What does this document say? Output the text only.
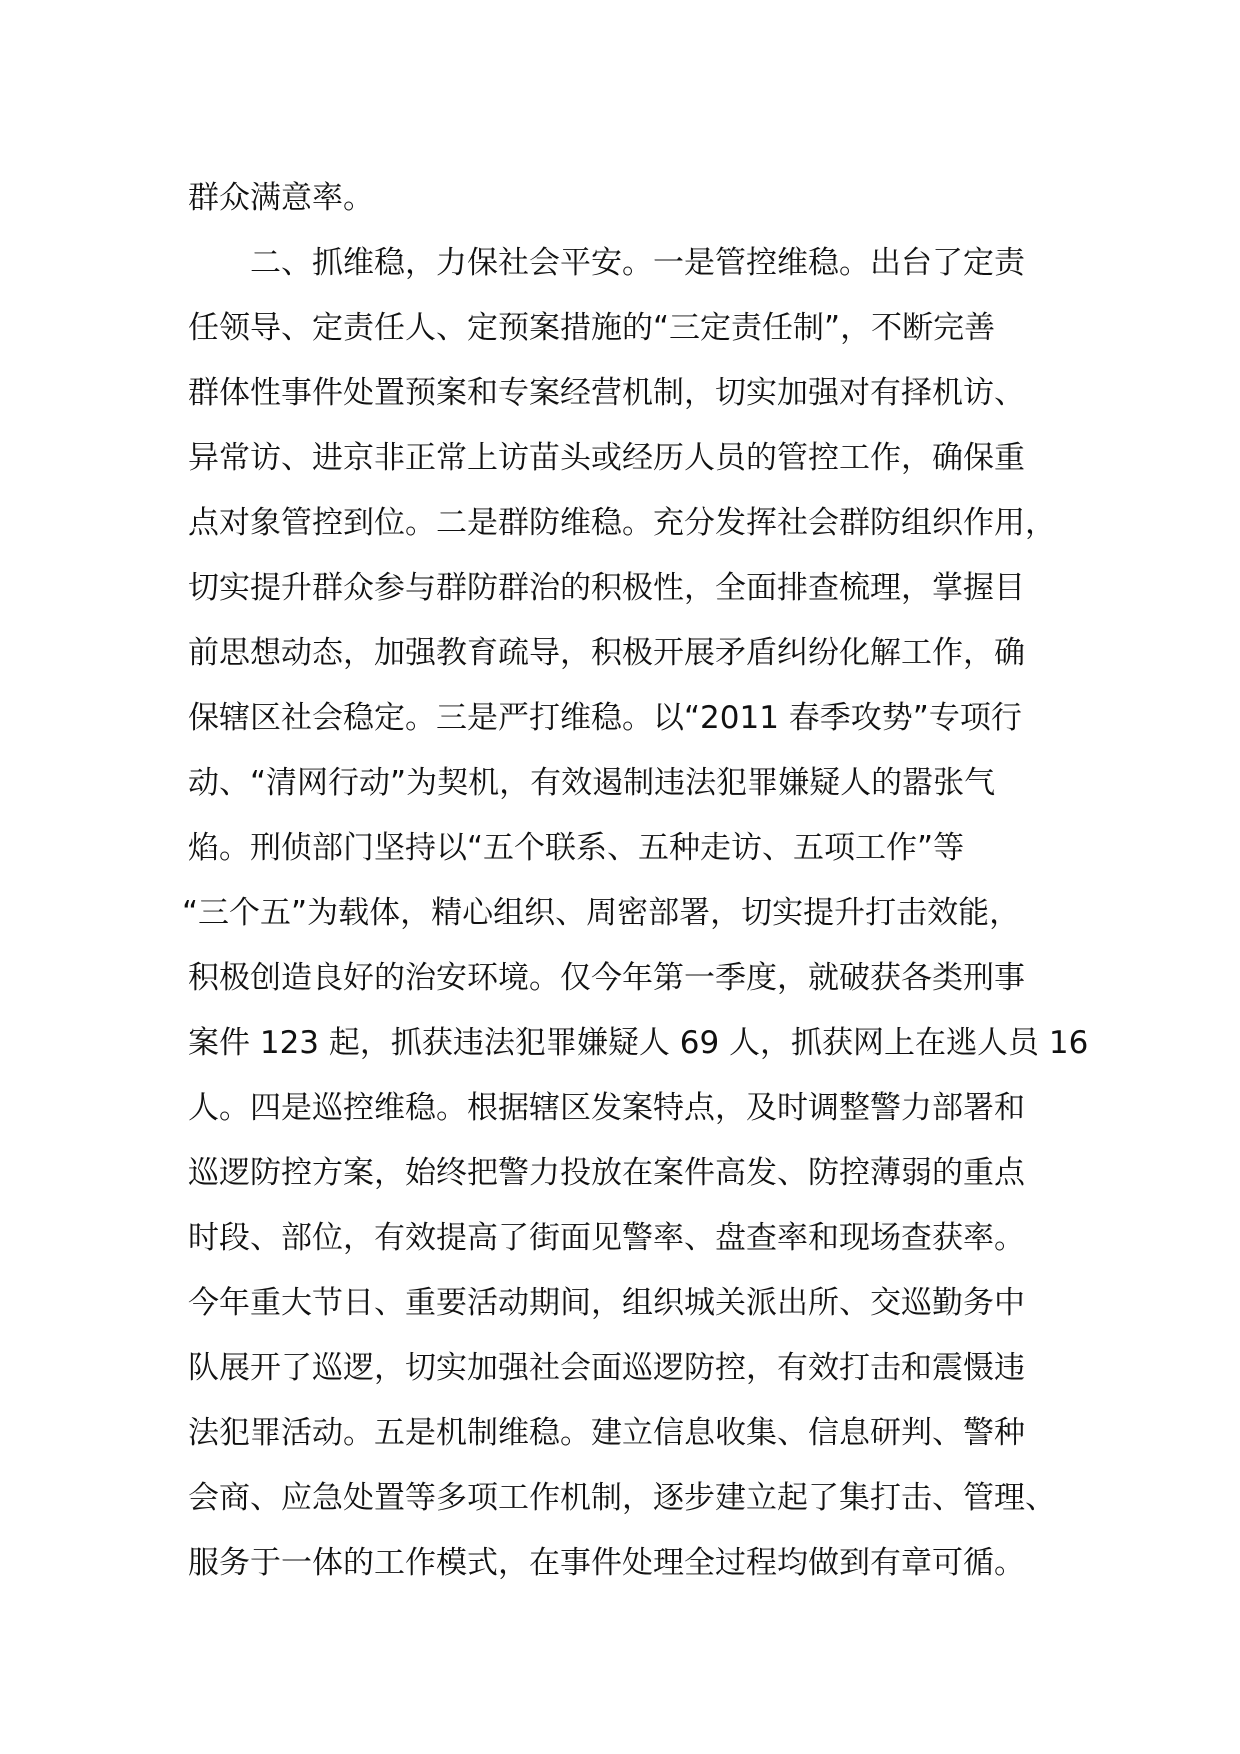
群众满意率。
二、抓维稳，力保社会平安。一是管控维稳。出台了定责
任领导、定责任人、定预案措施的“三定责任制”，不断完善
群体性事件处置预案和专案经营机制，切实加强对有择机访、
异常访、进京非正常上访苗头或经历人员的管控工作，确保重
点对象管控到位。二是群防维稳。充分发挥社会群防组织作用，
切实提升群众参与群防群治的积极性，全面排查梳理，掌握目
前思想动态，加强教育疏导，积极开展矛盾纠纷化解工作，确
保辖区社会稳定。三是严打维稳。以“2011 春季攻势”专项行
动、“清网行动”为契机，有效遏制违法犯罪嫌疑人的嚣张气
焰。刑侦部门坚持以“五个联系、五种走访、五项工作”等
“三个五”为载体，精心组织、周密部署，切实提升打击效能，
积极创造良好的治安环境。仅今年第一季度，就破获各类刑事
案件 123 起，抓获违法犯罪嫌疑人 69 人，抓获网上在逃人员 16
人。四是巡控维稳。根据辖区发案特点，及时调整警力部署和
巡逻防控方案，始终把警力投放在案件高发、防控薄弱的重点
时段、部位，有效提高了街面见警率、盘查率和现场查获率。
今年重大节日、重要活动期间，组织城关派出所、交巡勤务中
队展开了巡逻，切实加强社会面巡逻防控，有效打击和震慑违
法犯罪活动。五是机制维稳。建立信息收集、信息研判、警种
会商、应急处置等多项工作机制，逐步建立起了集打击、管理、
服务于一体的工作模式，在事件处理全过程均做到有章可循。
